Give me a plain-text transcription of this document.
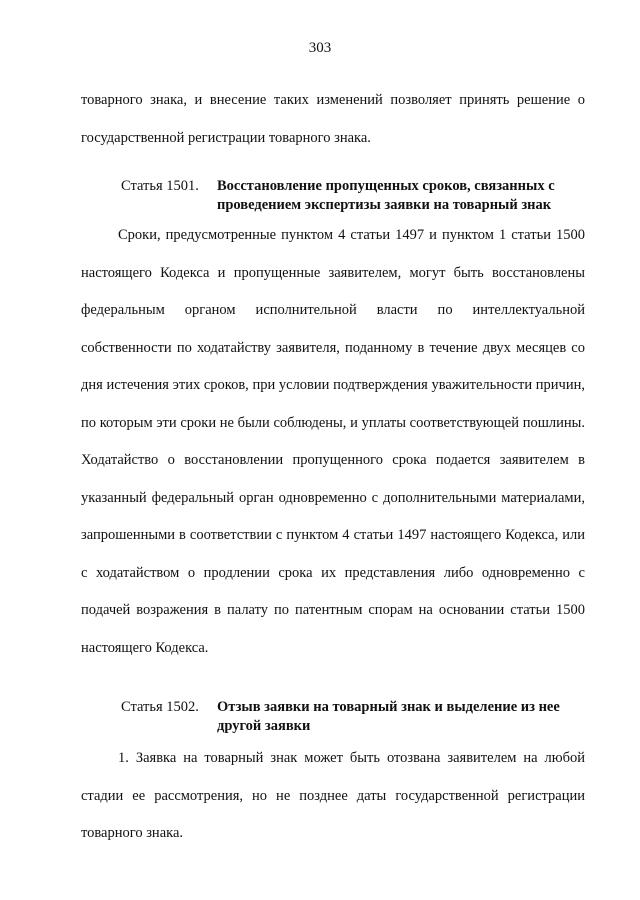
303

товарного знака, и внесение таких изменений позволяет принять решение о государственной регистрации товарного знака.

Статья 1501.	Восстановление пропущенных сроков, связанных с проведением экспертизы заявки на товарный знак

Сроки, предусмотренные пунктом 4 статьи 1497 и пунктом 1 статьи 1500 настоящего Кодекса и пропущенные заявителем, могут быть восстановлены федеральным органом исполнительной власти по интеллектуальной собственности по ходатайству заявителя, поданному в течение двух месяцев со дня истечения этих сроков, при условии подтверждения уважительности причин, по которым эти сроки не были соблюдены, и уплаты соответствующей пошлины. Ходатайство о восстановлении пропущенного срока подается заявителем в указанный федеральный орган одновременно с дополнительными материалами, запрошенными в соответствии с пунктом 4 статьи 1497 настоящего Кодекса, или с ходатайством о продлении срока их представления либо одновременно с подачей возражения в палату по патентным спорам на основании статьи 1500 настоящего Кодекса.

Статья 1502.	Отзыв заявки на товарный знак и выделение из нее другой заявки

1. Заявка на товарный знак может быть отозвана заявителем на любой стадии ее рассмотрения, но не позднее даты государственной регистрации товарного знака.
